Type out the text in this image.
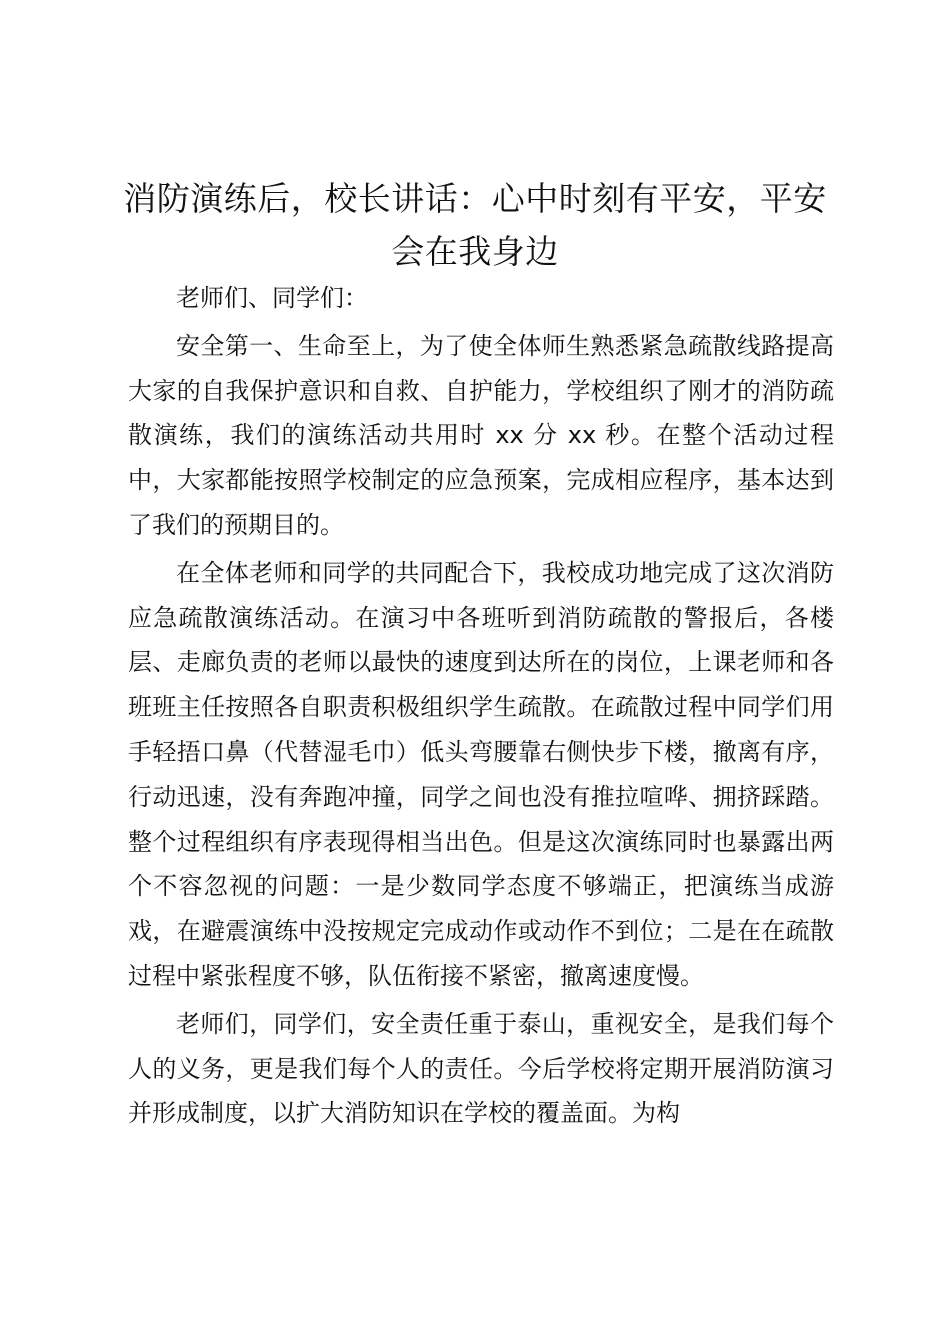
消防演练后，校长讲话：心中时刻有平安，平安会在我身边

老师们、同学们：

安全第一、生命至上，为了使全体师生熟悉紧急疏散线路提高大家的自我保护意识和自救、自护能力，学校组织了刚才的消防疏散演练，我们的演练活动共用时 xx 分 xx 秒。在整个活动过程中，大家都能按照学校制定的应急预案，完成相应程序，基本达到了我们的预期目的。

在全体老师和同学的共同配合下，我校成功地完成了这次消防应急疏散演练活动。在演习中各班听到消防疏散的警报后，各楼层、走廊负责的老师以最快的速度到达所在的岗位，上课老师和各班班主任按照各自职责积极组织学生疏散。在疏散过程中同学们用手轻捂口鼻（代替湿毛巾）低头弯腰靠右侧快步下楼，撤离有序，行动迅速，没有奔跑冲撞，同学之间也没有推拉喧哗、拥挤踩踏。整个过程组织有序表现得相当出色。但是这次演练同时也暴露出两个不容忽视的问题：一是少数同学态度不够端正，把演练当成游戏，在避震演练中没按规定完成动作或动作不到位；二是在在疏散过程中紧张程度不够，队伍衔接不紧密，撤离速度慢。

老师们，同学们，安全责任重于泰山，重视安全，是我们每个人的义务，更是我们每个人的责任。今后学校将定期开展消防演习并形成制度，以扩大消防知识在学校的覆盖面。为构
